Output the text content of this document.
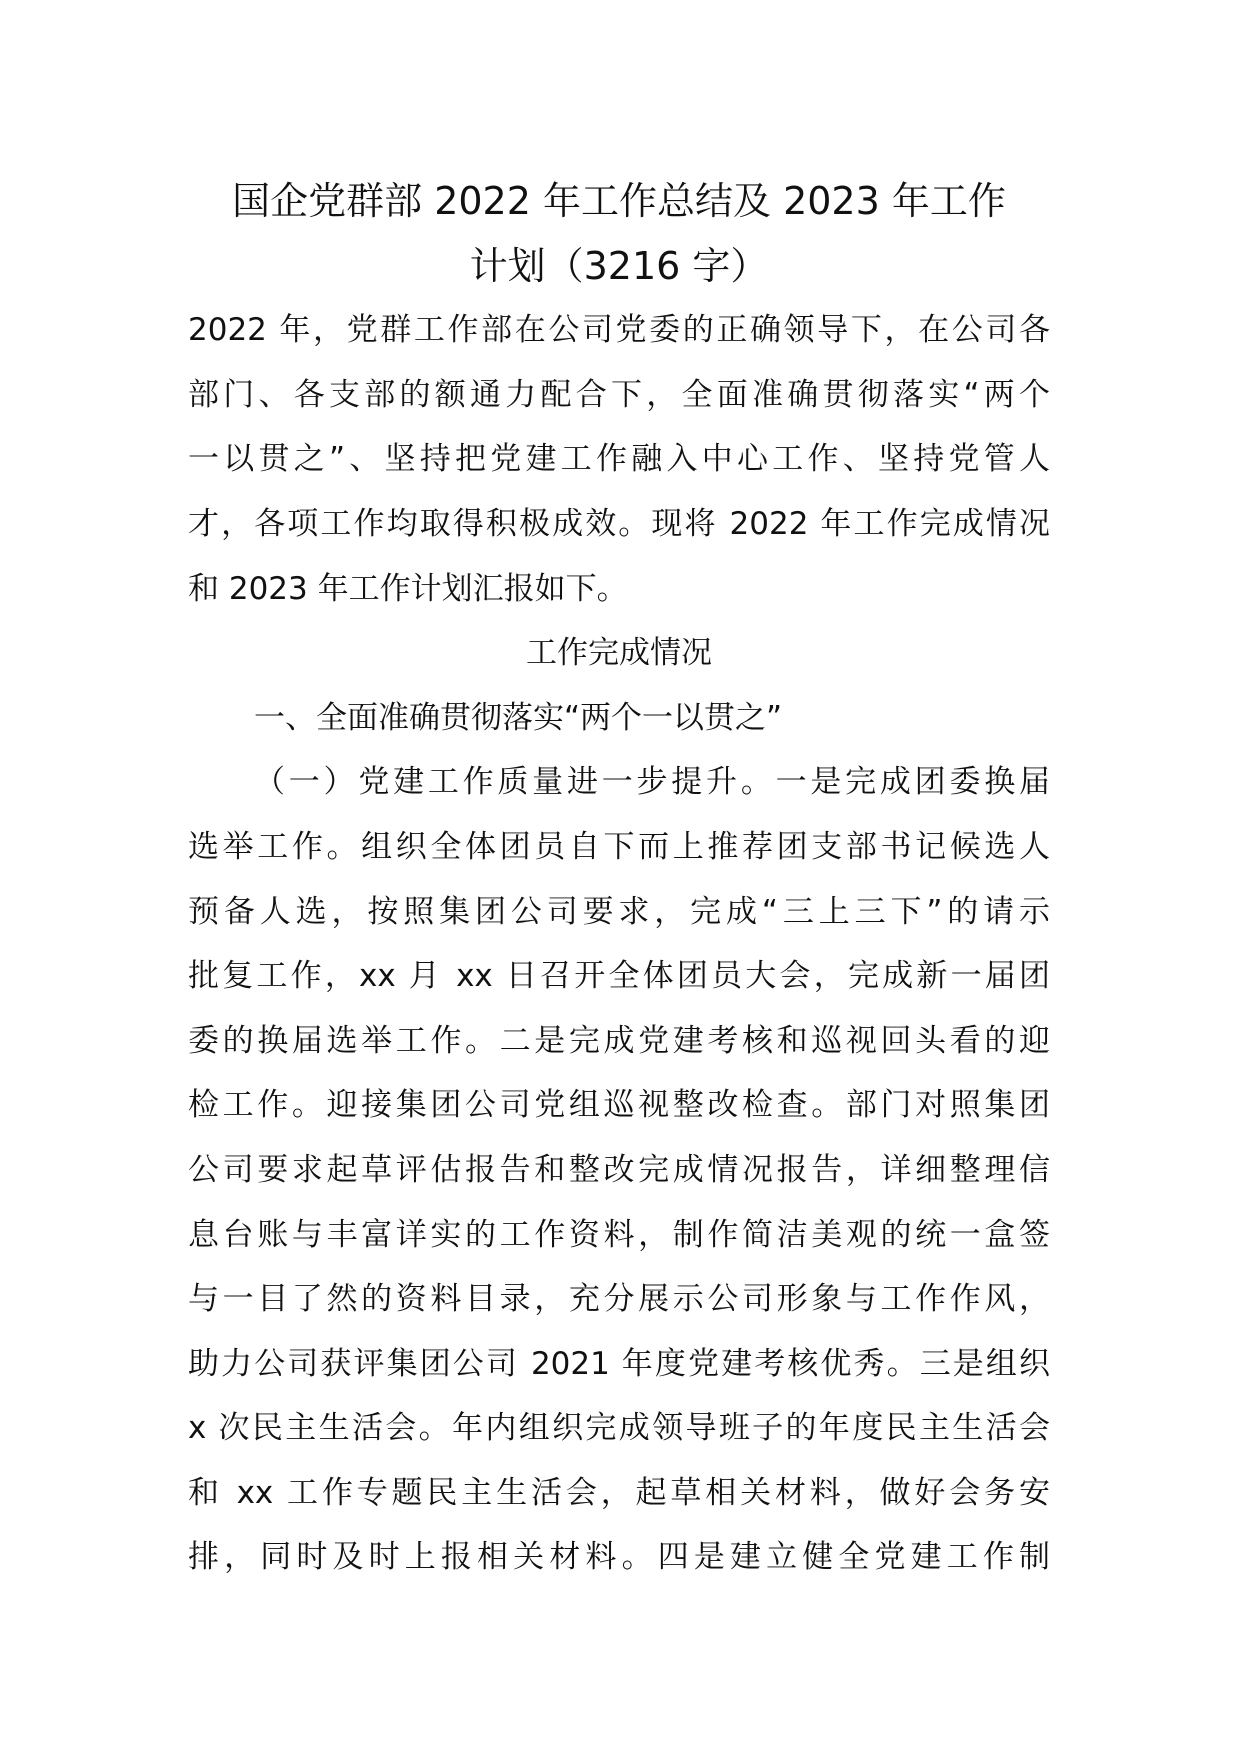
国企党群部 2022 年工作总结及 2023 年工作
计划（3216 字）
2022 年，党群工作部在公司党委的正确领导下，在公司各
部门、各支部的额通力配合下，全面准确贯彻落实“两个
一以贯之”、坚持把党建工作融入中心工作、坚持党管人
才，各项工作均取得积极成效。现将 2022 年工作完成情况
和 2023 年工作计划汇报如下。
工作完成情况
一、全面准确贯彻落实“两个一以贯之”
（一）党建工作质量进一步提升。一是完成团委换届
选举工作。组织全体团员自下而上推荐团支部书记候选人
预备人选，按照集团公司要求，完成“三上三下”的请示
批复工作，xx 月 xx 日召开全体团员大会，完成新一届团
委的换届选举工作。二是完成党建考核和巡视回头看的迎
检工作。迎接集团公司党组巡视整改检查。部门对照集团
公司要求起草评估报告和整改完成情况报告，详细整理信
息台账与丰富详实的工作资料，制作简洁美观的统一盒签
与一目了然的资料目录，充分展示公司形象与工作作风，
助力公司获评集团公司 2021 年度党建考核优秀。三是组织
x 次民主生活会。年内组织完成领导班子的年度民主生活会
和 xx 工作专题民主生活会，起草相关材料，做好会务安
排，同时及时上报相关材料。四是建立健全党建工作制
